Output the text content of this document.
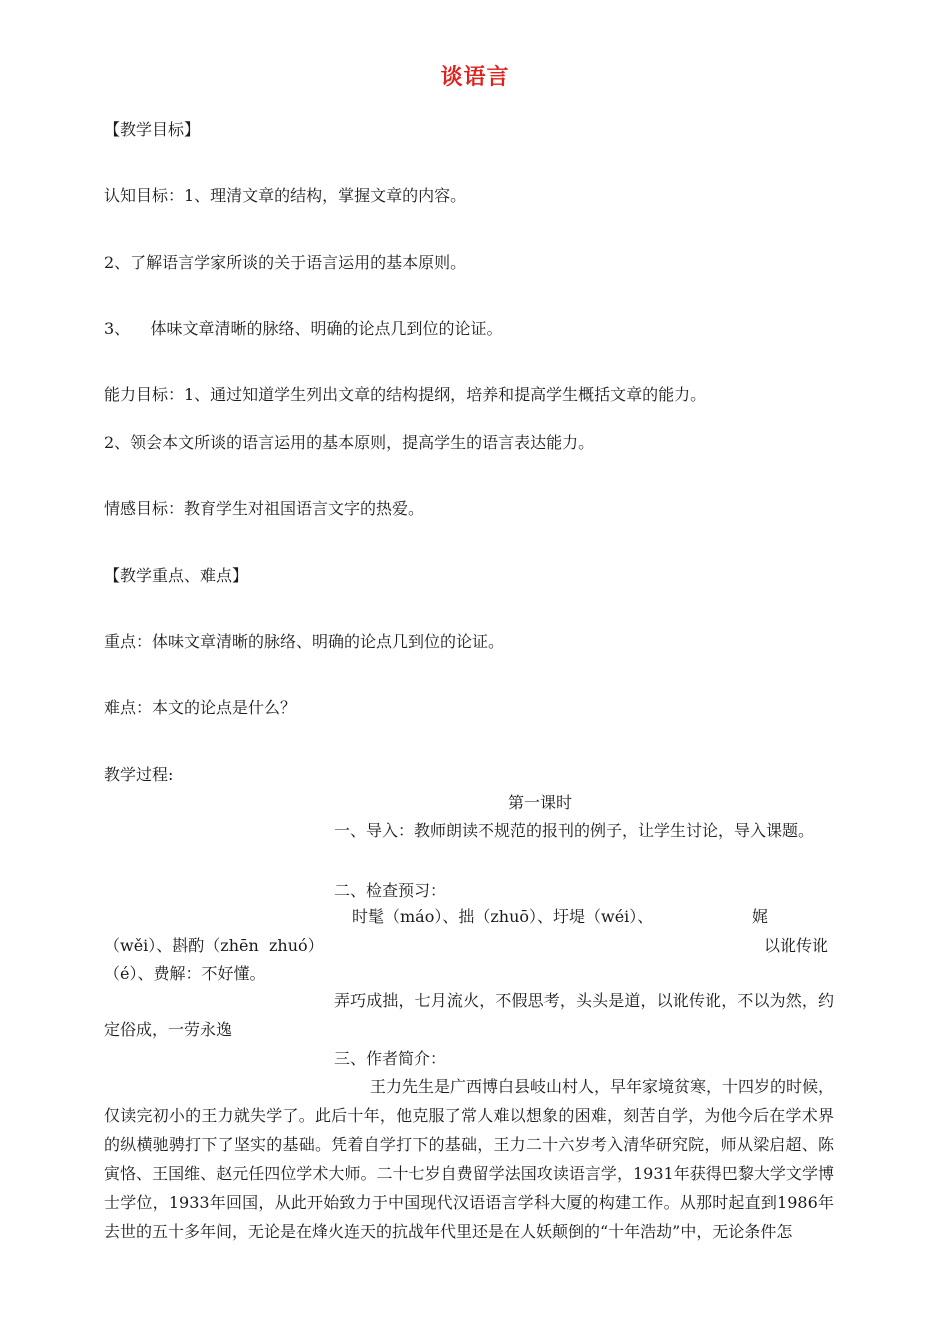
谈语言
【教学目标】
认知目标：1、理清文章的结构，掌握文章的内容。
2、了解语言学家所谈的关于语言运用的基本原则。
3、    体味文章清晰的脉络、明确的论点几到位的论证。
能力目标：1、通过知道学生列出文章的结构提纲，培养和提高学生概括文章的能力。
2、领会本文所谈的语言运用的基本原则，提高学生的语言表达能力。
情感目标：教育学生对祖国语言文字的热爱。
【教学重点、难点】
重点：体味文章清晰的脉络、明确的论点几到位的论证。
难点：本文的论点是什么？
教学过程:
第一课时
一、导入：教师朗读不规范的报刊的例子，让学生讨论，导入课题。
二、检查预习：
时髦（máo）、拙（zhuō）、圩堤（wéi）、	娓
（wěi）、斟酌（zhēn  zhuó）	以讹传讹
（é）、费解：不好懂。
弄巧成拙，七月流火，不假思考，头头是道，以讹传讹，不以为然，约定俗成，一劳永逸
三、作者简介：
王力先生是广西博白县岐山村人，早年家境贫寒，十四岁的时候，仅读完初小的王力就失学了。此后十年，他克服了常人难以想象的困难，刻苦自学，为他今后在学术界的纵横驰骋打下了坚实的基础。凭着自学打下的基础，王力二十六岁考入清华研究院，师从梁启超、陈寅恪、王国维、赵元任四位学术大师。二十七岁自费留学法国攻读语言学，1931年获得巴黎大学文学博士学位，1933年回国，从此开始致力于中国现代汉语语言学科大厦的构建工作。从那时起直到1986年去世的五十多年间，无论是在烽火连天的抗战年代里还是在人妖颠倒的“十年浩劫”中，无论条件怎
